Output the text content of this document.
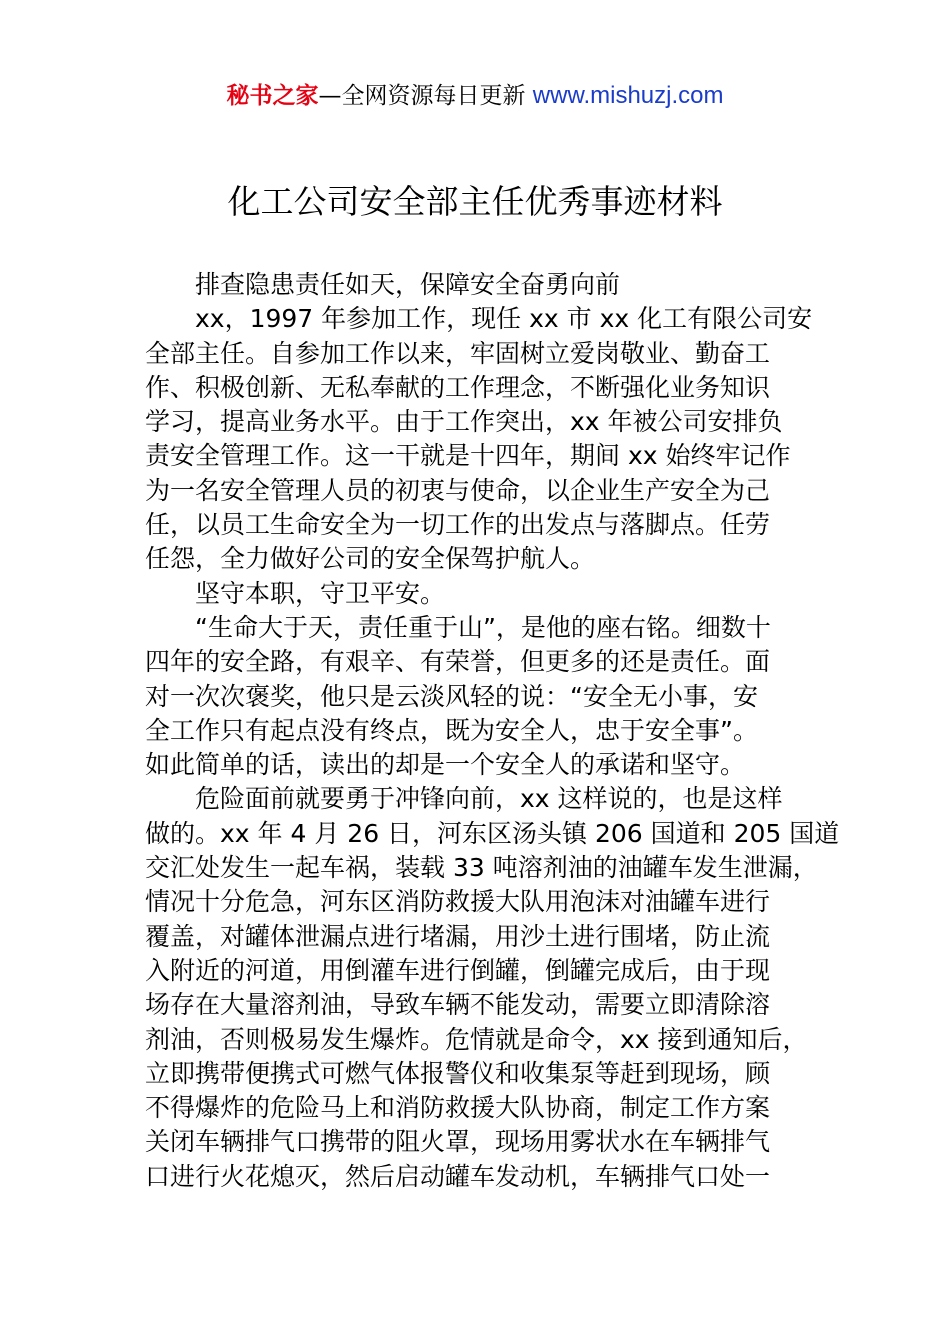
秘书之家—全网资源每日更新 www.mishuzj.com
化工公司安全部主任优秀事迹材料
排查隐患责任如天，保障安全奋勇向前
xx，1997 年参加工作，现任 xx 市 xx 化工有限公司安
全部主任。自参加工作以来，牢固树立爱岗敬业、勤奋工
作、积极创新、无私奉献的工作理念，不断强化业务知识
学习，提高业务水平。由于工作突出，xx 年被公司安排负
责安全管理工作。这一干就是十四年，期间 xx 始终牢记作
为一名安全管理人员的初衷与使命，以企业生产安全为己
任，以员工生命安全为一切工作的出发点与落脚点。任劳
任怨，全力做好公司的安全保驾护航人。
坚守本职，守卫平安。
“生命大于天，责任重于山”，是他的座右铭。细数十
四年的安全路，有艰辛、有荣誉，但更多的还是责任。面
对一次次褒奖，他只是云淡风轻的说：“安全无小事，安
全工作只有起点没有终点，既为安全人，忠于安全事”。
如此简单的话，读出的却是一个安全人的承诺和坚守。
危险面前就要勇于冲锋向前，xx 这样说的，也是这样
做的。xx 年 4 月 26 日，河东区汤头镇 206 国道和 205 国道
交汇处发生一起车祸，装载 33 吨溶剂油的油罐车发生泄漏，
情况十分危急，河东区消防救援大队用泡沫对油罐车进行
覆盖，对罐体泄漏点进行堵漏，用沙土进行围堵，防止流
入附近的河道，用倒灌车进行倒罐，倒罐完成后，由于现
场存在大量溶剂油，导致车辆不能发动，需要立即清除溶
剂油，否则极易发生爆炸。危情就是命令，xx 接到通知后，
立即携带便携式可燃气体报警仪和收集泵等赶到现场，顾
不得爆炸的危险马上和消防救援大队协商，制定工作方案
关闭车辆排气口携带的阻火罩，现场用雾状水在车辆排气
口进行火花熄灭，然后启动罐车发动机，车辆排气口处一
